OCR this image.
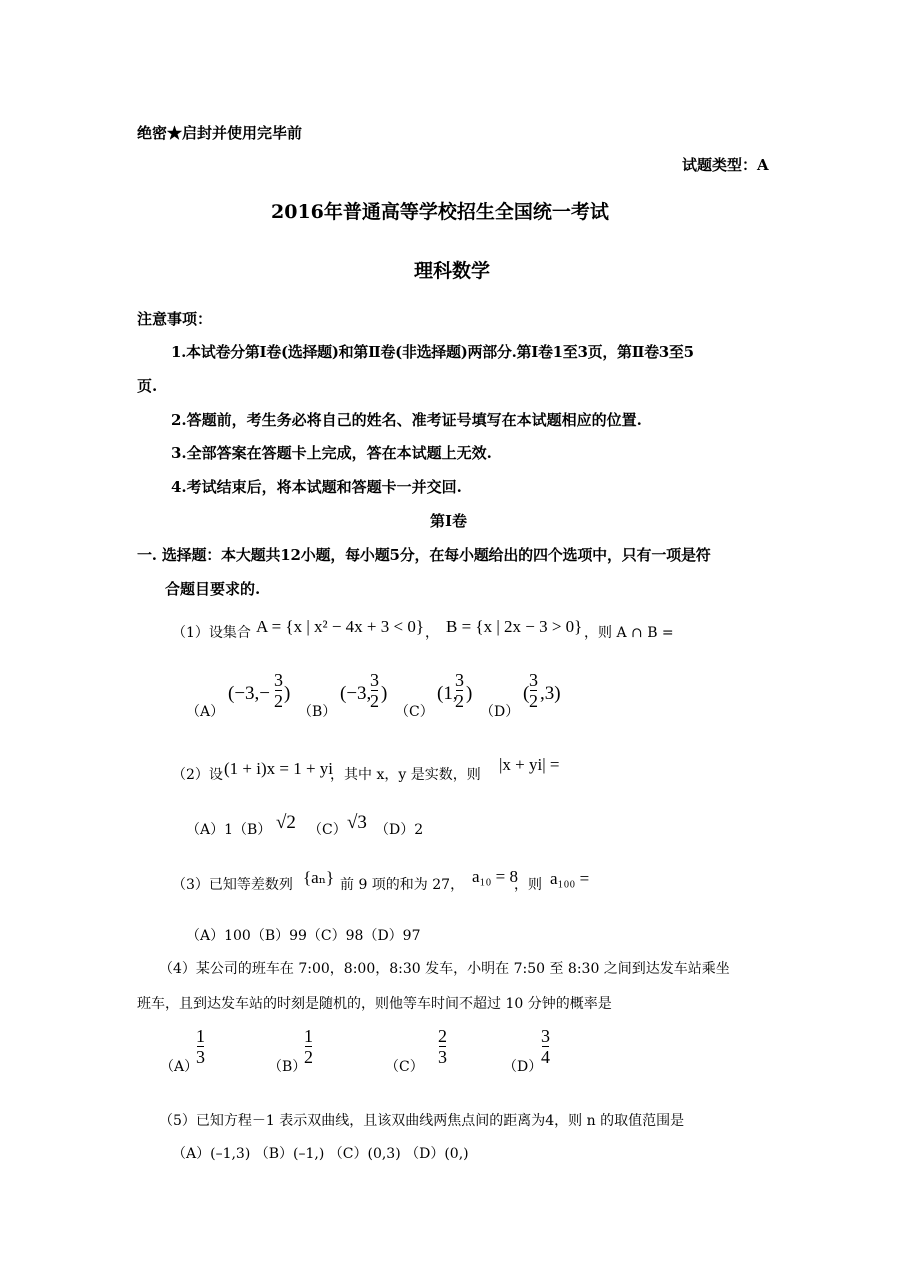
绝密★启封并使用完毕前
试题类型：A
2016年普通高等学校招生全国统一考试
理科数学
注意事项：
1.本试卷分第Ⅰ卷(选择题)和第Ⅱ卷(非选择题)两部分.第Ⅰ卷1至3页，第Ⅱ卷3至5
页.
2.答题前，考生务必将自己的姓名、准考证号填写在本试题相应的位置.
3.全部答案在答题卡上完成，答在本试题上无效.
4.考试结束后，将本试题和答题卡一并交回.
第Ⅰ卷
一. 选择题：本大题共12小题，每小题5分，在每小题给出的四个选项中，只有一项是符
合题目要求的.
（1）设集合 A = {x | x² − 4x + 3 < 0} ， B = {x | 2x − 3 > 0} ，则 A ∩ B =
（A）
(−3,−
3
2 )
（B）
(−3,
3
2 )
（C）
(1,
3
2 )
（D）
(
3
2 ,3)
（2）设 (1 + i)x = 1 + yi
，其中 x，y 是实数，则
|x + yi| =
（A）1（B） √2 （C） √3 （D）2
（3）已知等差数列 {aₙ} 前 9 项的和为 27， a₁₀ = 8
，则 a₁₀₀ =
（A）100（B）99（C）98（D）97
（4）某公司的班车在 7:00，8:00，8:30 发车，小明在 7:50 至 8:30 之间到达发车站乘坐
班车，且到达发车站的时刻是随机的，则他等车时间不超过 10 分钟的概率是
（A）
1
3	（B）
1
2	（C）
2
3	（D）
3
4
（5）已知方程－1 表示双曲线，且该双曲线两焦点间的距离为4，则 n 的取值范围是
（A）(–1,3) （B）(–1,) （C）(0,3) （D）(0,)
